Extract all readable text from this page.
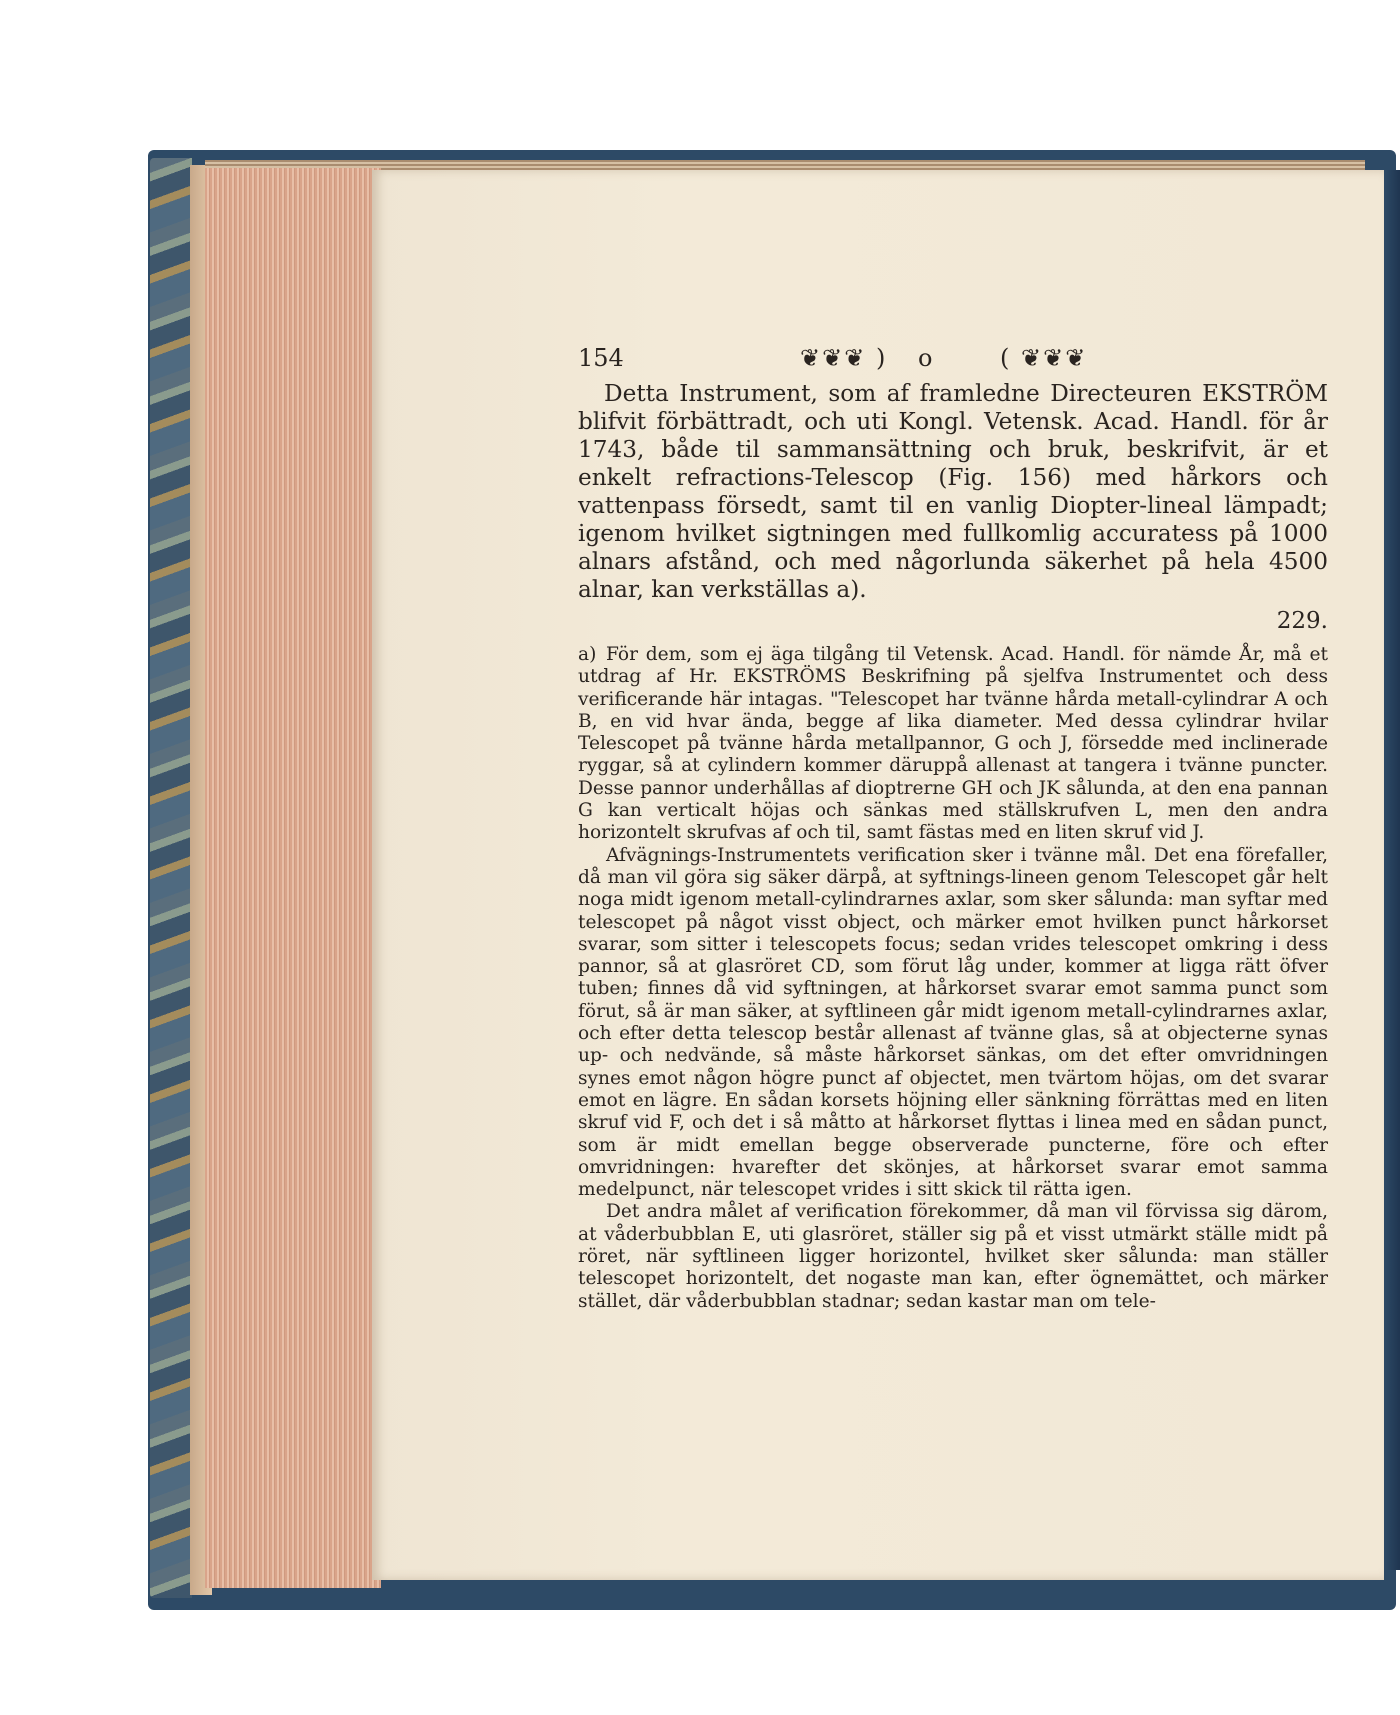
154	❦❦❦ ) o	( ❦❦❦

Detta Instrument, som af framledne Directeuren EKSTRÖM blifvit förbättradt, och uti Kongl. Vetensk. Acad. Handl. för år 1743, både til sammansättning och bruk, beskrifvit, är et enkelt refractions-Telescop (Fig. 156) med hårkors och vattenpass försedt, samt til en vanlig Diopter-lineal lämpadt; igenom hvilket sigtningen med fullkomlig accuratess på 1000 alnars afstånd, och med någorlunda säkerhet på hela 4500 alnar, kan verkställas a).

229.

a) För dem, som ej äga tilgång til Vetensk. Acad. Handl. för nämde År, må et utdrag af Hr. EKSTRÖMS Beskrifning på sjelfva Instrumentet och dess verificerande här intagas. "Telescopet har tvänne hårda metall-cylindrar A och B, en vid hvar ända, begge af lika diameter. Med dessa cylindrar hvilar Telescopet på tvänne hårda metallpannor, G och J, försedde med inclinerade ryggar, så at cylindern kommer däruppå allenast at tangera i tvänne puncter. Desse pannor underhållas af dioptrerne GH och JK sålunda, at den ena pannan G kan verticalt höjas och sänkas med ställskrufven L, men den andra horizontelt skrufvas af och til, samt fästas med en liten skruf vid J.

Afvägnings-Instrumentets verification sker i tvänne mål. Det ena förefaller, då man vil göra sig säker därpå, at syftnings-lineen genom Telescopet går helt noga midt igenom metall-cylindrarnes axlar, som sker sålunda: man syftar med telescopet på något visst object, och märker emot hvilken punct hårkorset svarar, som sitter i telescopets focus; sedan vrides telescopet omkring i dess pannor, så at glasröret CD, som förut låg under, kommer at ligga rätt öfver tuben; finnes då vid syftningen, at hårkorset svarar emot samma punct som förut, så är man säker, at syftlineen går midt igenom metall-cylindrarnes axlar, och efter detta telescop består allenast af tvänne glas, så at objecterne synas up- och nedvände, så måste hårkorset sänkas, om det efter omvridningen synes emot någon högre punct af objectet, men tvärtom höjas, om det svarar emot en lägre. En sådan korsets höjning eller sänkning förrättas med en liten skruf vid F, och det i så måtto at hårkorset flyttas i linea med en sådan punct, som är midt emellan begge observerade puncterne, före och efter omvridningen: hvarefter det skönjes, at hårkorset svarar emot samma medelpunct, när telescopet vrides i sitt skick til rätta igen.

Det andra målet af verification förekommer, då man vil förvissa sig därom, at våderbubblan E, uti glasröret, ställer sig på et visst utmärkt ställe midt på röret, när syftlineen ligger horizontel, hvilket sker sålunda: man ställer telescopet horizontelt, det nogaste man kan, efter ögnemättet, och märker stället, där våderbubblan stadnar; sedan kastar man om tele-
